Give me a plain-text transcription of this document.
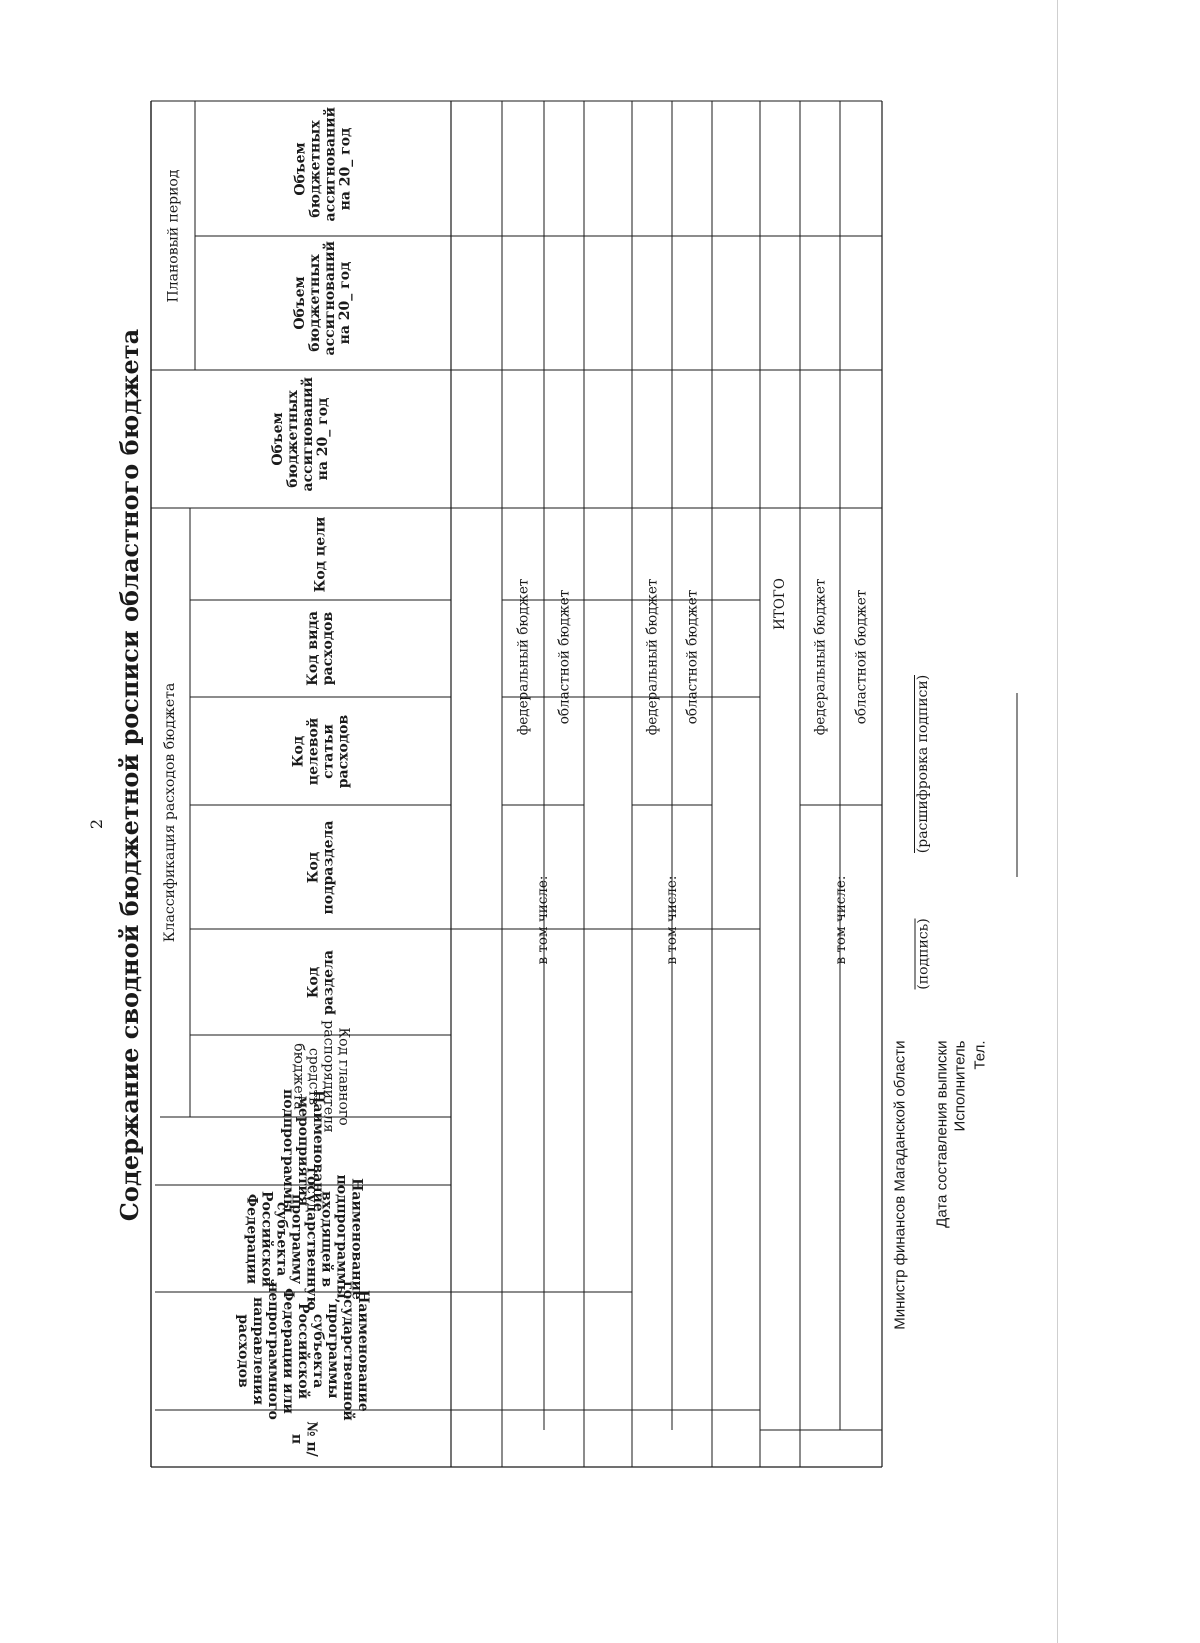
2 Содержание сводной бюджетной росписи областного бюджета
№ п/п
Наименование государственной программы субъекта Российской Федерации или непрограммного направления расходов
Наименование подпрограммы, входящей в государственную программу субъекта Российской Федерации
Наименование мероприятия подпрограммы
Классификация расходов бюджета
Код главного распорядителя средств бюджета
Код раздела
Код подраздела
Код целевой статьи расходов
Код вида расходов
Код цели
Объем бюджетных ассигнований на 20_ год
Плановый период
Объем бюджетных ассигнований на 20_ год
Объем бюджетных ассигнований на 20_ год
в том числе:
федеральный бюджет областной бюджет
в том числе:
федеральный бюджет областной бюджет	ИТОГО
в том числе:
федеральный бюджет областной бюджет
Министр финансов Магаданской области
(подпись)
(расшифровка подписи)
Дата составления выписки Исполнитель Тел.
